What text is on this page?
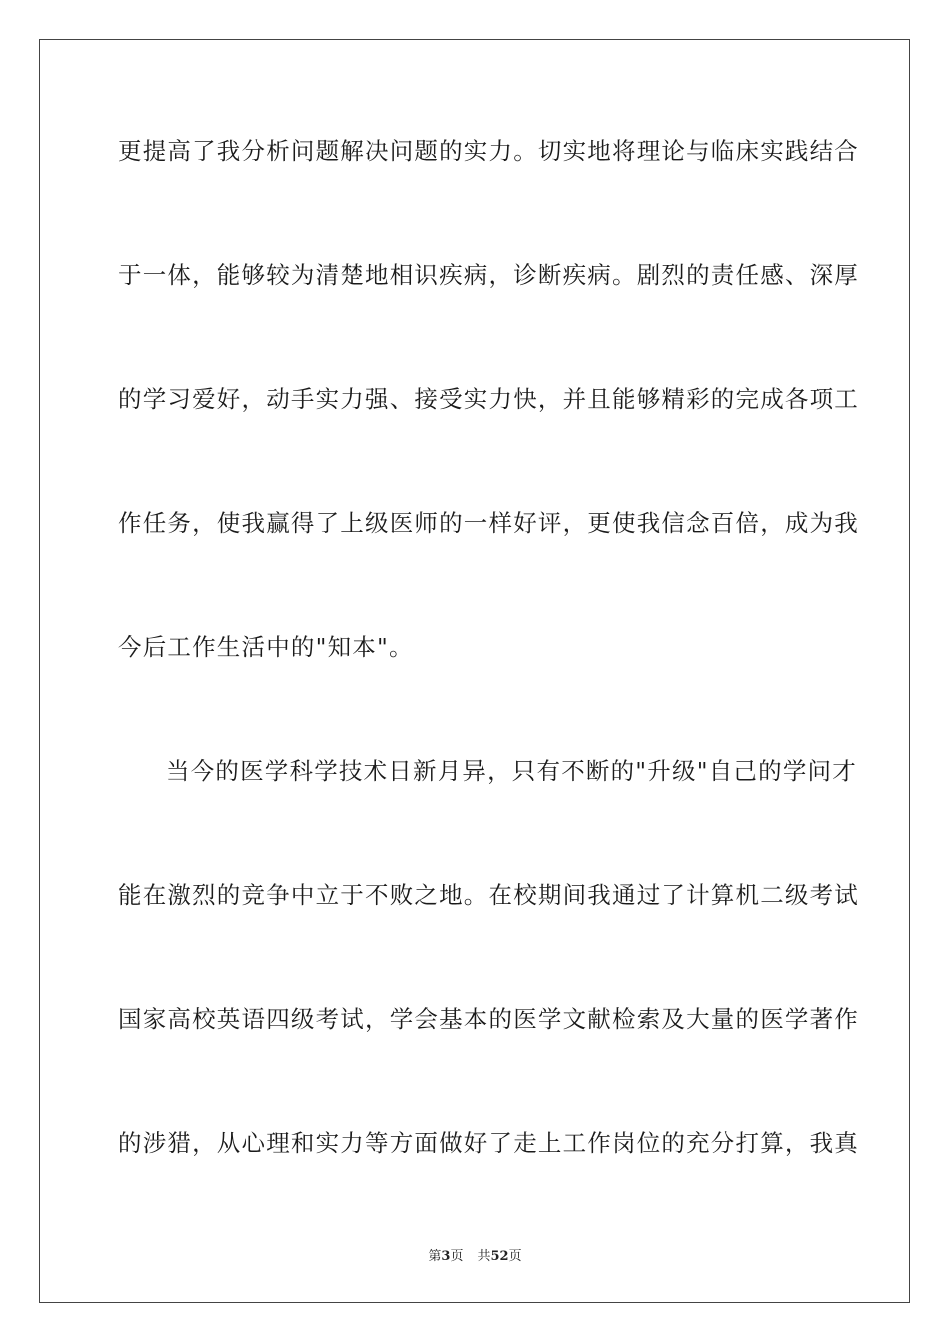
更提高了我分析问题解决问题的实力。切实地将理论与临床实践结合
于一体，能够较为清楚地相识疾病，诊断疾病。剧烈的责任感、深厚
的学习爱好，动手实力强、接受实力快，并且能够精彩的完成各项工
作任务，使我赢得了上级医师的一样好评，更使我信念百倍，成为我
今后工作生活中的"知本"。
当今的医学科学技术日新月异，只有不断的"升级"自己的学问才
能在激烈的竞争中立于不败之地。在校期间我通过了计算机二级考试
国家高校英语四级考试，学会基本的医学文献检索及大量的医学著作
的涉猎，从心理和实力等方面做好了走上工作岗位的充分打算，我真
第3页 共52页
